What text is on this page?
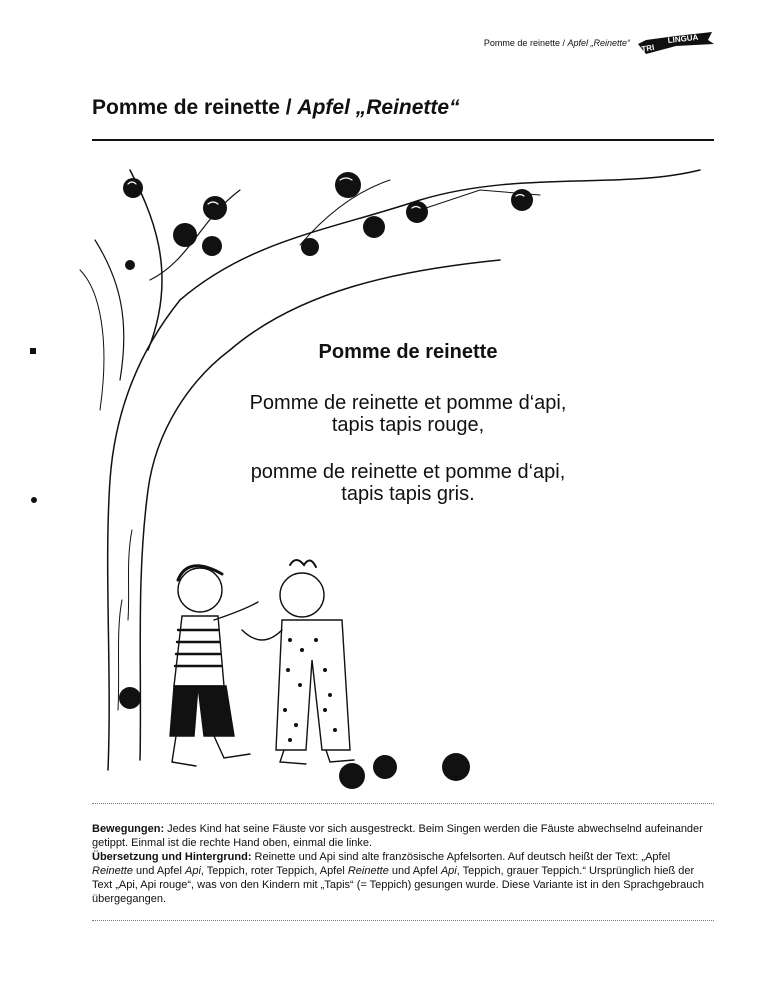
Pomme de reinette / Apfel „Reinette“ TRI
LINGUA
Pomme de reinette / Apfel „Reinette“
Pomme de reinette
Pomme de reinette et pomme d‘api,
tapis tapis rouge,
pomme de reinette et pomme d‘api,
tapis tapis gris.

Bewegungen: Jedes Kind hat seine Fäuste vor sich ausgestreckt. Beim Singen werden die Fäuste abwechselnd aufeinander getippt. Einmal ist die rechte Hand oben, einmal die linke.

Übersetzung und Hintergrund: Reinette und Api sind alte französische Apfelsorten. Auf deutsch heißt der Text: „Apfel Reinette und Apfel Api, Teppich, roter Teppich, Apfel Reinette und Apfel Api, Teppich, grauer Teppich.“ Ursprünglich hieß der Text „Api, Api rouge“, was von den Kindern mit „Tapis“ (= Teppich) gesungen wurde. Diese Variante ist in den Sprachgebrauch übergegangen.
